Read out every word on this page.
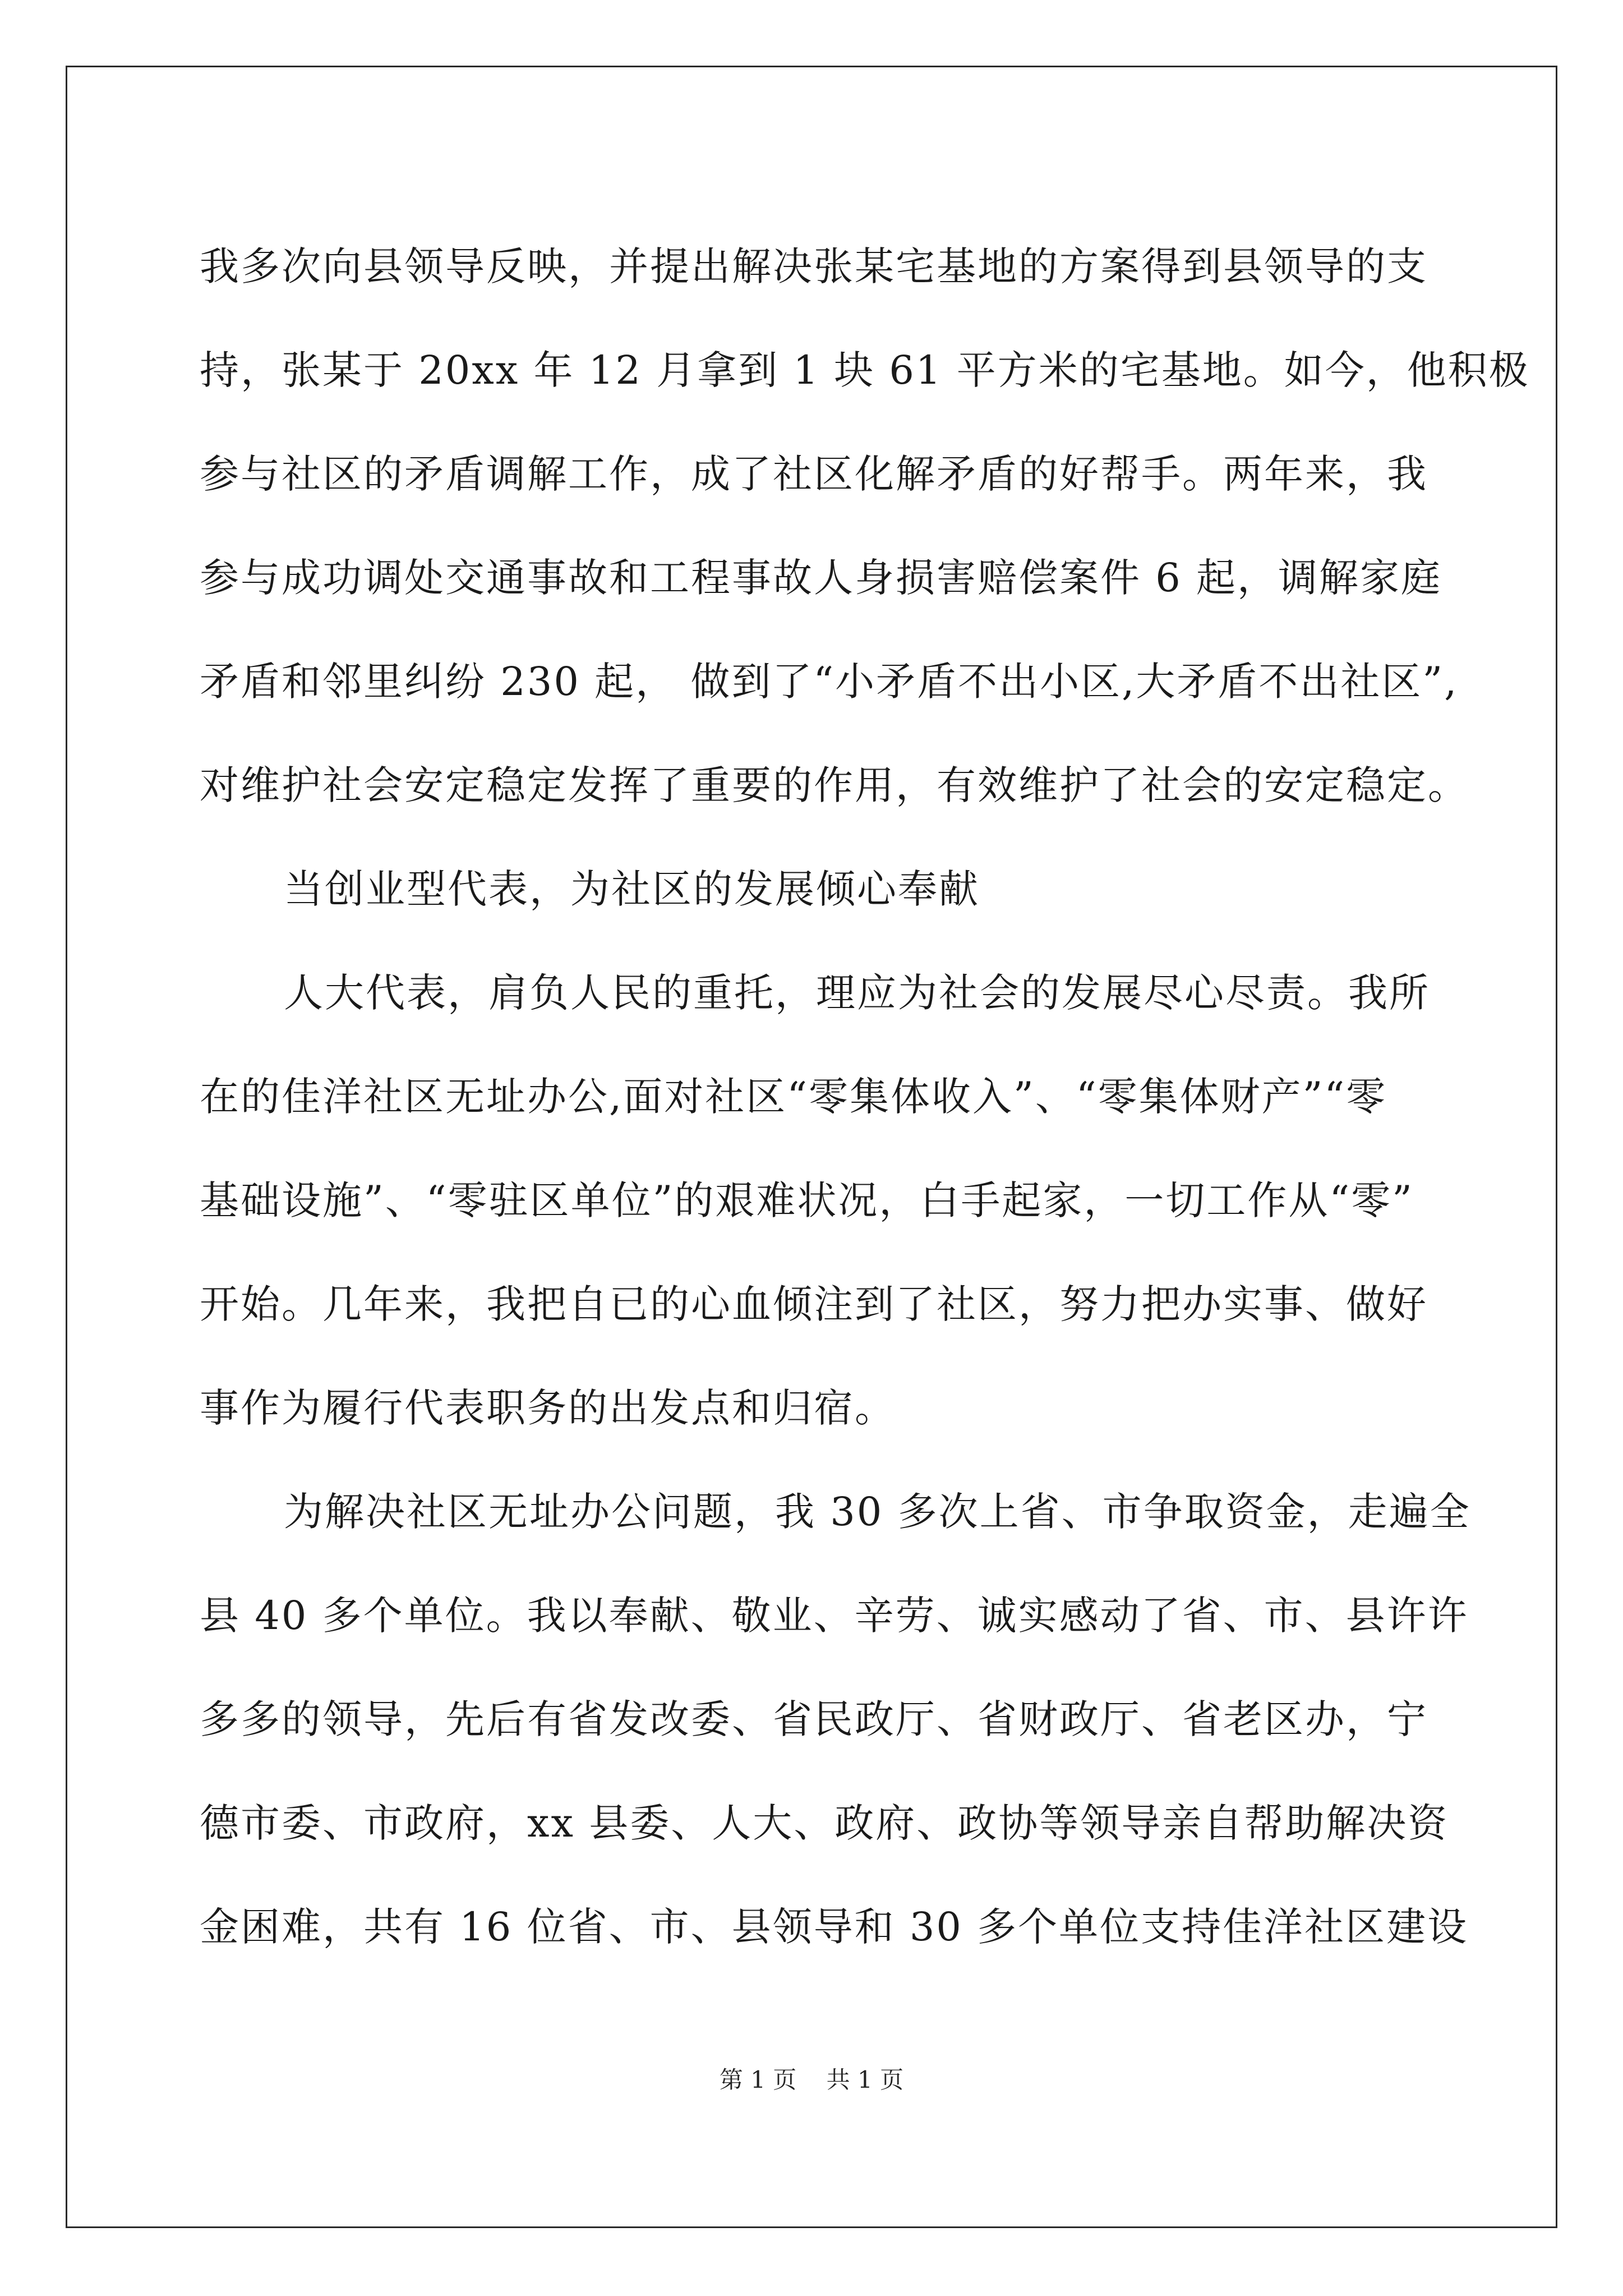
我多次向县领导反映，并提出解决张某宅基地的方案得到县领导的支
持，张某于 20xx 年 12 月拿到 1 块 61 平方米的宅基地。如今，他积极
参与社区的矛盾调解工作，成了社区化解矛盾的好帮手。两年来，我
参与成功调处交通事故和工程事故人身损害赔偿案件 6 起，调解家庭
矛盾和邻里纠纷 230 起， 做到了“小矛盾不出小区,大矛盾不出社区”,
对维护社会安定稳定发挥了重要的作用，有效维护了社会的安定稳定。
当创业型代表，为社区的发展倾心奉献
人大代表，肩负人民的重托，理应为社会的发展尽心尽责。我所
在的佳洋社区无址办公,面对社区“零集体收入”、“零集体财产”“零
基础设施”、“零驻区单位”的艰难状况，白手起家，一切工作从“零”
开始。几年来，我把自已的心血倾注到了社区，努力把办实事、做好
事作为履行代表职务的出发点和归宿。
为解决社区无址办公问题，我 30 多次上省、市争取资金，走遍全
县 40 多个单位。我以奉献、敬业、辛劳、诚实感动了省、市、县许许
多多的领导，先后有省发改委、省民政厅、省财政厅、省老区办，宁
德市委、市政府，xx 县委、人大、政府、政协等领导亲自帮助解决资
金困难，共有 16 位省、市、县领导和 30 多个单位支持佳洋社区建设
第 1 页 共 1 页
